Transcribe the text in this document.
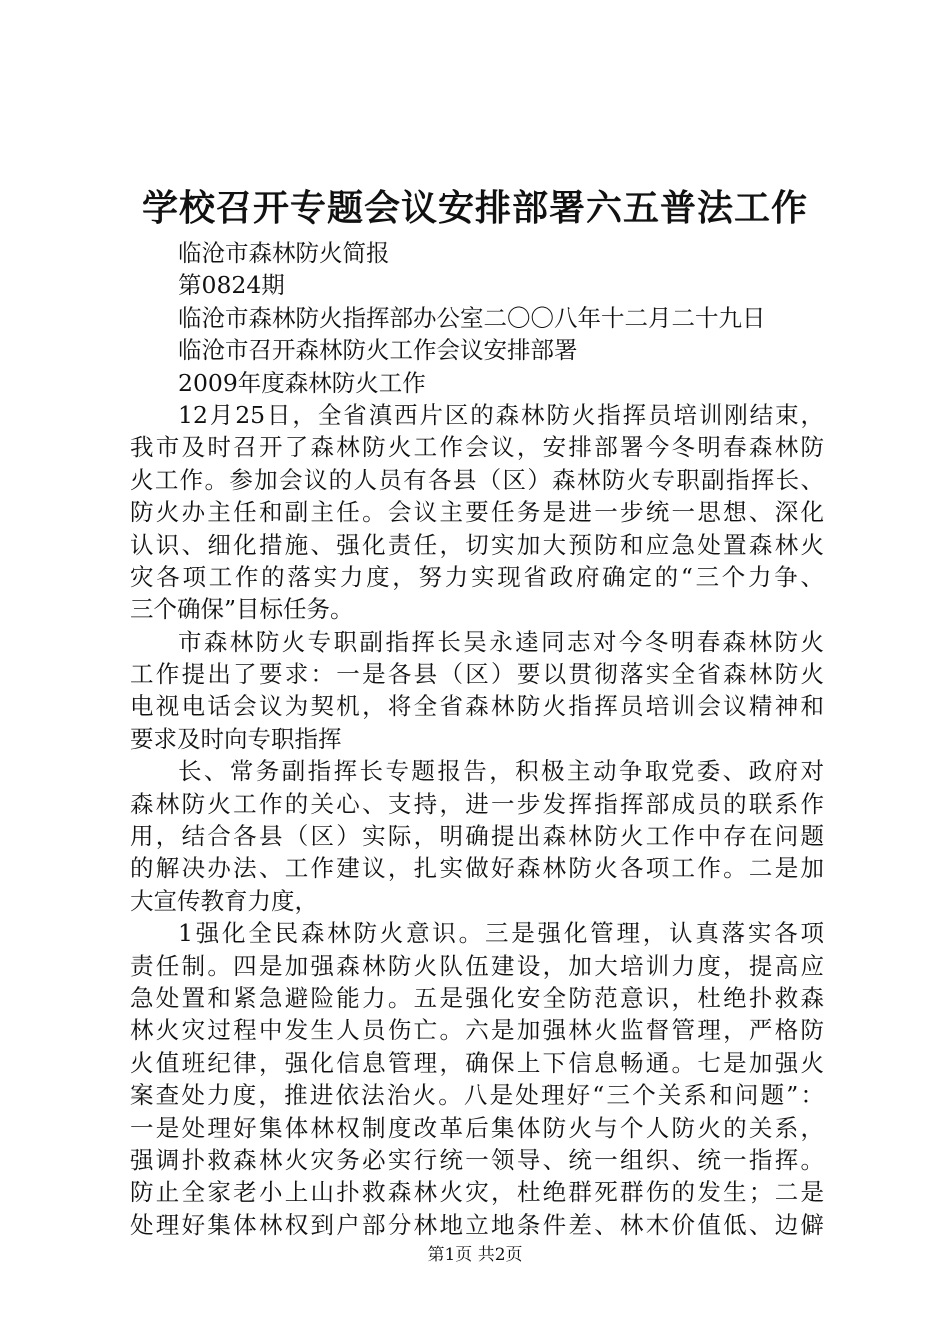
学校召开专题会议安排部署六五普法工作
临沧市森林防火简报
第0824期
临沧市森林防火指挥部办公室二〇〇八年十二月二十九日
临沧市召开森林防火工作会议安排部署
2009年度森林防火工作
12月25日，全省滇西片区的森林防火指挥员培训刚结束，
我市及时召开了森林防火工作会议，安排部署今冬明春森林防
火工作。参加会议的人员有各县（区）森林防火专职副指挥长、
防火办主任和副主任。会议主要任务是进一步统一思想、深化
认识、细化措施、强化责任，切实加大预防和应急处置森林火
灾各项工作的落实力度，努力实现省政府确定的“三个力争、
三个确保”目标任务。
市森林防火专职副指挥长吴永逵同志对今冬明春森林防火
工作提出了要求：一是各县（区）要以贯彻落实全省森林防火
电视电话会议为契机，将全省森林防火指挥员培训会议精神和
要求及时向专职指挥
长、常务副指挥长专题报告，积极主动争取党委、政府对
森林防火工作的关心、支持，进一步发挥指挥部成员的联系作
用，结合各县（区）实际，明确提出森林防火工作中存在问题
的解决办法、工作建议，扎实做好森林防火各项工作。二是加
大宣传教育力度，
1强化全民森林防火意识。三是强化管理，认真落实各项
责任制。四是加强森林防火队伍建设，加大培训力度，提高应
急处置和紧急避险能力。五是强化安全防范意识，杜绝扑救森
林火灾过程中发生人员伤亡。六是加强林火监督管理，严格防
火值班纪律，强化信息管理，确保上下信息畅通。七是加强火
案查处力度，推进依法治火。八是处理好“三个关系和问题”：
一是处理好集体林权制度改革后集体防火与个人防火的关系，
强调扑救森林火灾务必实行统一领导、统一组织、统一指挥。
防止全家老小上山扑救森林火灾，杜绝群死群伤的发生；二是
处理好集体林权到户部分林地立地条件差、林木价值低、边僻
第1页 共2页
